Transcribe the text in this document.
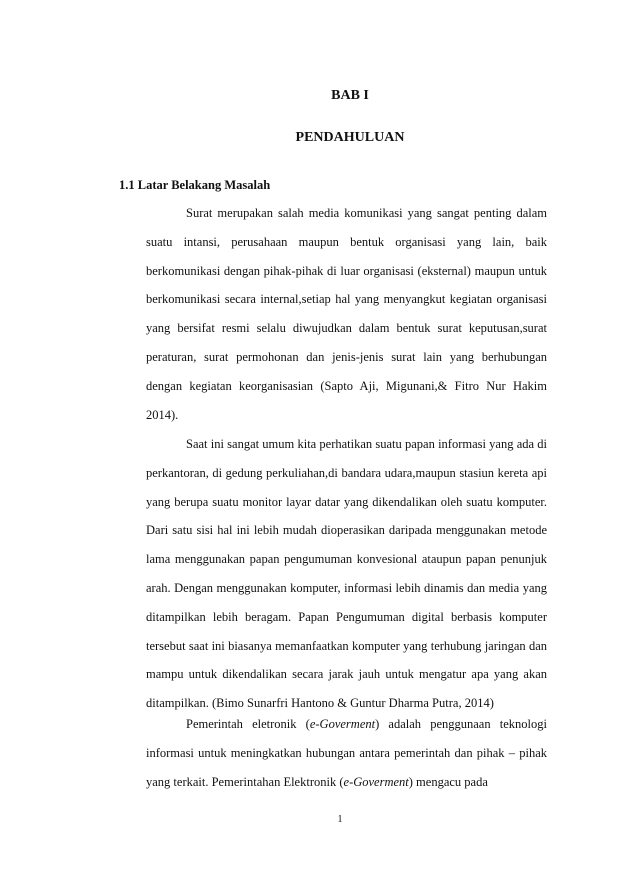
BAB I
PENDAHULUAN
1.1 Latar Belakang Masalah

Surat merupakan salah media komunikasi yang sangat penting dalam suatu intansi, perusahaan maupun bentuk organisasi yang lain, baik berkomunikasi dengan pihak-pihak di luar organisasi (eksternal) maupun untuk berkomunikasi secara internal,setiap hal yang menyangkut kegiatan organisasi yang bersifat resmi selalu diwujudkan dalam bentuk surat keputusan,surat peraturan, surat permohonan dan jenis-jenis surat lain yang berhubungan dengan kegiatan keorganisasian (Sapto Aji, Migunani,& Fitro Nur Hakim 2014).

Saat ini sangat umum kita perhatikan suatu papan informasi yang ada di perkantoran, di gedung perkuliahan,di bandara udara,maupun stasiun kereta api yang berupa suatu monitor layar datar yang dikendalikan oleh suatu komputer. Dari satu sisi hal ini lebih mudah dioperasikan daripada menggunakan metode lama menggunakan papan pengumuman konvesional ataupun papan penunjuk arah. Dengan menggunakan komputer, informasi lebih dinamis dan media yang ditampilkan lebih beragam. Papan Pengumuman digital berbasis komputer tersebut saat ini biasanya memanfaatkan komputer yang terhubung jaringan dan mampu untuk dikendalikan secara jarak jauh untuk mengatur apa yang akan ditampilkan. (Bimo Sunarfri Hantono & Guntur Dharma Putra, 2014)

Pemerintah eletronik (e-Goverment) adalah penggunaan teknologi informasi untuk meningkatkan hubungan antara pemerintah dan pihak – pihak yang terkait. Pemerintahan Elektronik (e-Goverment) mengacu pada

1
